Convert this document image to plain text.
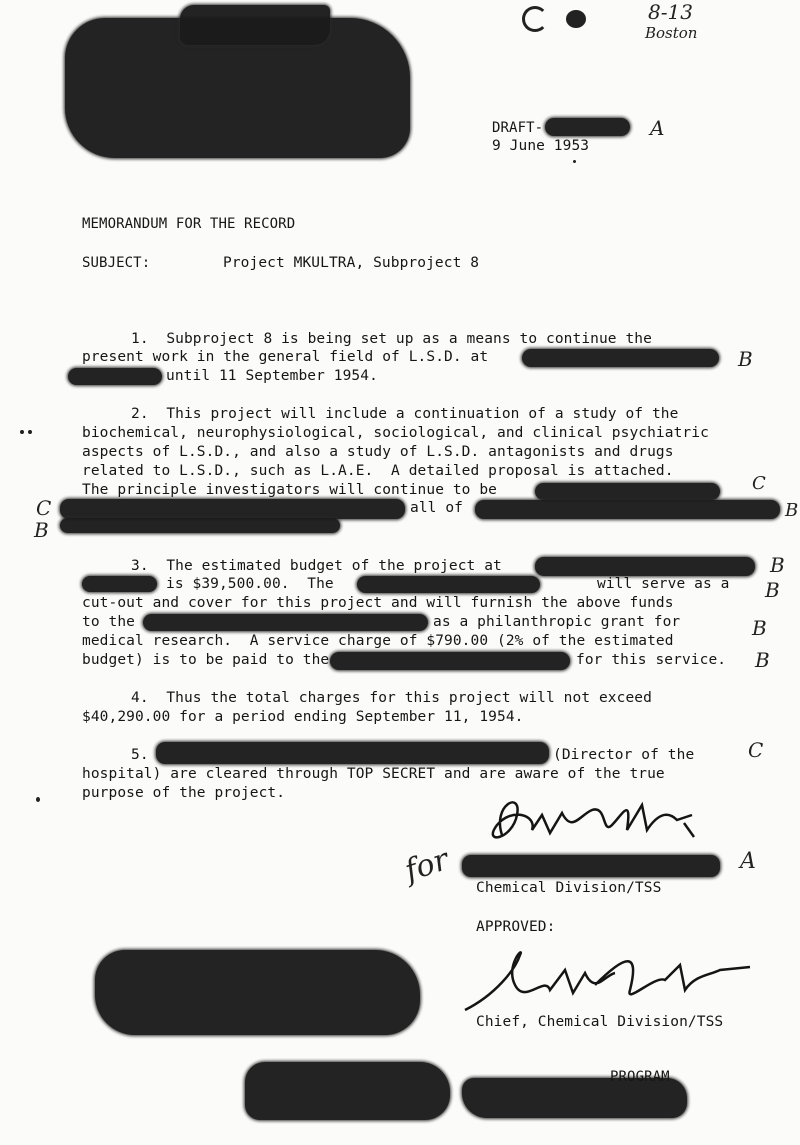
8-13
Boston
DRAFT-	A
9 June 1953
MEMORANDUM FOR THE RECORD
SUBJECT:	Project MKULTRA, Subproject 8
1.  Subproject 8 is being set up as a means to continue the
present work in the general field of L.S.D. at
until 11 September 1954.
B
2.  This project will include a continuation of a study of the
biochemical, neurophysiological, sociological, and clinical psychiatric
aspects of L.S.D., and also a study of L.S.D. antagonists and drugs
related to L.S.D., such as L.A.E.  A detailed proposal is attached.
The principle investigators will continue to be
all of
C
C
B
B
3.  The estimated budget of the project at
is $39,500.00.  The	will serve as a
cut-out and cover for this project and will furnish the above funds
to the	as a philanthropic grant for
medical research.  A service charge of $790.00 (2% of the estimated
budget) is to be paid to the	for this service.
B
B
B
B
4.  Thus the total charges for this project will not exceed
$40,290.00 for a period ending September 11, 1954.
5.	(Director of the
hospital) are cleared through TOP SECRET and are aware of the true
purpose of the project.
C
for	A
Chemical Division/TSS
APPROVED:
Chief, Chemical Division/TSS
PROGRAM
